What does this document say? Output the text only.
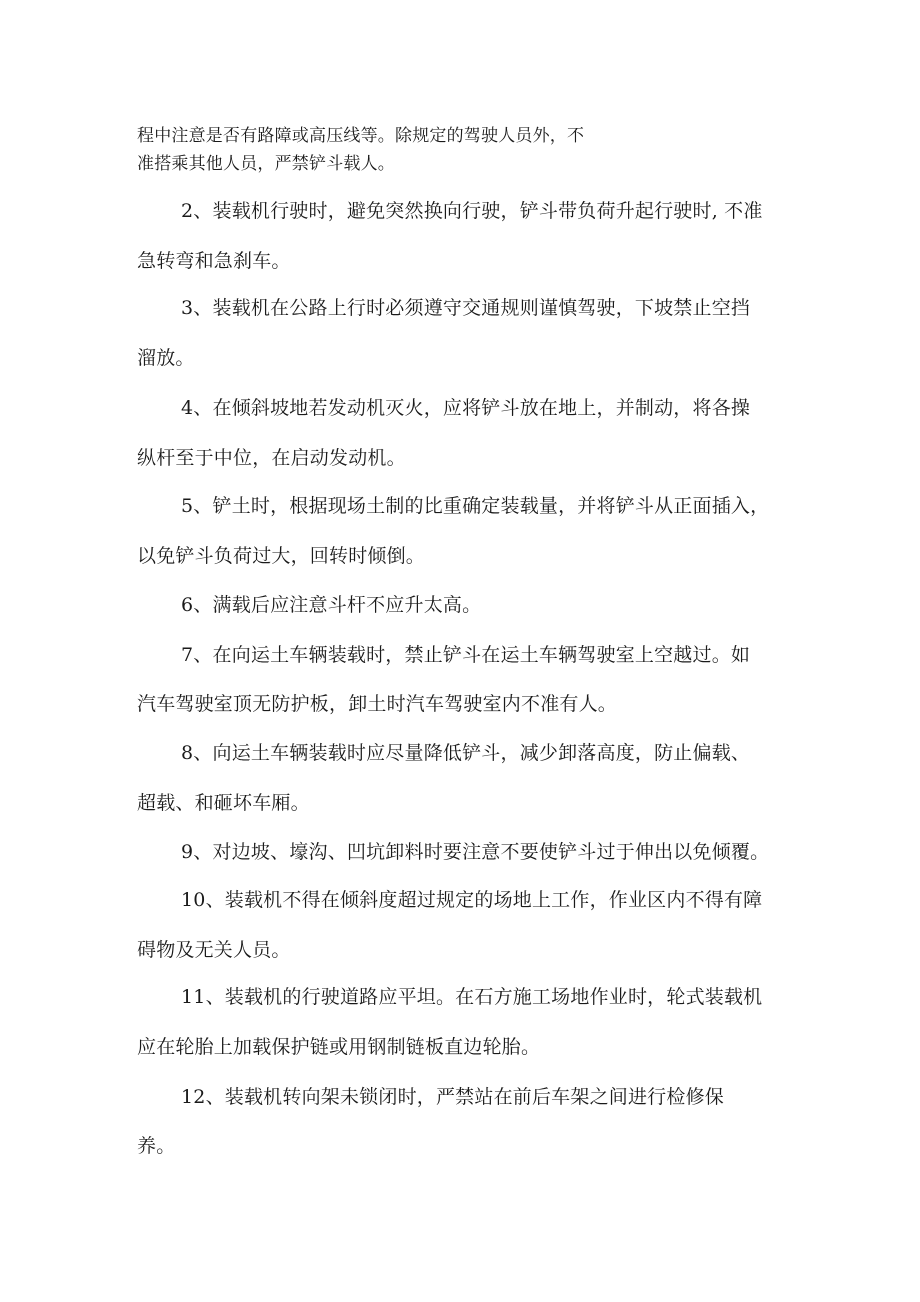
程中注意是否有路障或高压线等。除规定的驾驶人员外，不
准搭乘其他人员，严禁铲斗载人。
2、装载机行驶时，避免突然换向行驶，铲斗带负荷升起行驶时, 不准
急转弯和急刹车。
3、装载机在公路上行时必须遵守交通规则谨慎驾驶，下坡禁止空挡
溜放。
4、在倾斜坡地若发动机灭火，应将铲斗放在地上，并制动，将各操
纵杆至于中位，在启动发动机。
5、铲土时，根据现场土制的比重确定装载量，并将铲斗从正面插入，
以免铲斗负荷过大，回转时倾倒。
6、满载后应注意斗杆不应升太高。
7、在向运土车辆装载时，禁止铲斗在运土车辆驾驶室上空越过。如
汽车驾驶室顶无防护板，卸土时汽车驾驶室内不准有人。
8、向运土车辆装载时应尽量降低铲斗，减少卸落高度，防止偏载、
超载、和砸坏车厢。
9、对边坡、壕沟、凹坑卸料时要注意不要使铲斗过于伸出以免倾覆。
10、装载机不得在倾斜度超过规定的场地上工作，作业区内不得有障
碍物及无关人员。
11、装载机的行驶道路应平坦。在石方施工场地作业时，轮式装载机
应在轮胎上加载保护链或用钢制链板直边轮胎。
12、装载机转向架未锁闭时，严禁站在前后车架之间进行检修保
养。
